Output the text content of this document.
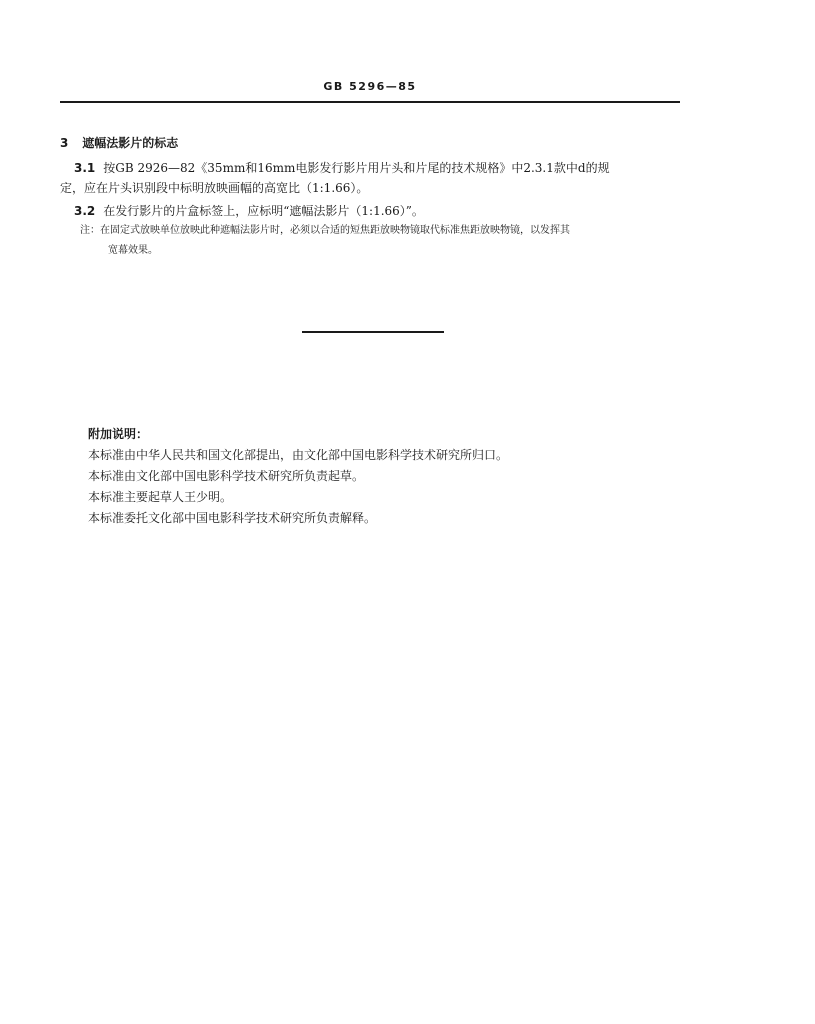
GB 5296—85
3 遮幅法影片的标志
3.1 按GB 2926—82《35mm和16mm电影发行影片用片头和片尾的技术规格》中2.3.1款中d的规
定，应在片头识别段中标明放映画幅的高宽比（1:1.66）。
3.2 在发行影片的片盒标签上，应标明“遮幅法影片（1:1.66）”。
注：在固定式放映单位放映此种遮幅法影片时，必须以合适的短焦距放映物镜取代标准焦距放映物镜，以发挥其
宽幕效果。
附加说明：
本标准由中华人民共和国文化部提出，由文化部中国电影科学技术研究所归口。
本标准由文化部中国电影科学技术研究所负责起草。
本标准主要起草人王少明。
本标准委托文化部中国电影科学技术研究所负责解释。
